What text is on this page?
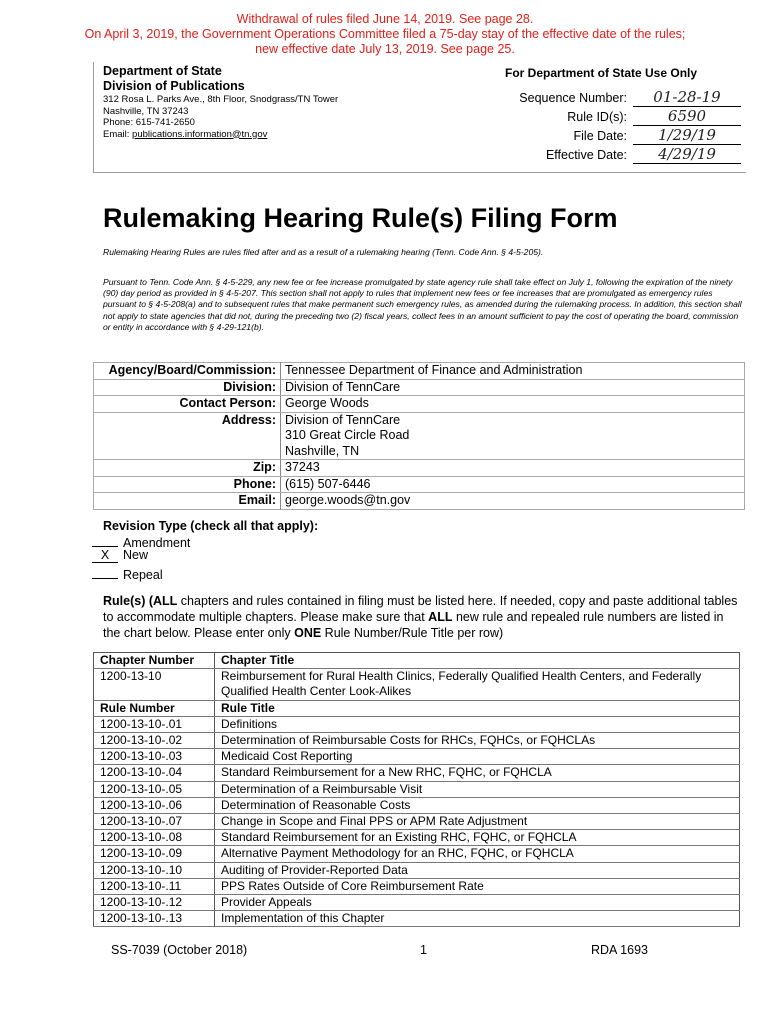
Withdrawal of rules filed June 14, 2019. See page 28.
On April 3, 2019, the Government Operations Committee filed a 75-day stay of the effective date of the rules;
new effective date July 13, 2019. See page 25.
Department of State
Division of Publications
312 Rosa L. Parks Ave., 8th Floor, Snodgrass/TN Tower
Nashville, TN 37243
Phone: 615-741-2650
Email: publications.information@tn.gov
For Department of State Use Only
Sequence Number:	01-28-19
Rule ID(s):	6590
File Date:	1/29/19
Effective Date:	4/29/19
Rulemaking Hearing Rule(s) Filing Form
Rulemaking Hearing Rules are rules filed after and as a result of a rulemaking hearing (Tenn. Code Ann. § 4-5-205).
Pursuant to Tenn. Code Ann. § 4-5-229, any new fee or fee increase promulgated by state agency rule shall take effect on July 1, following the expiration of the ninety (90) day period as provided in § 4-5-207. This section shall not apply to rules that implement new fees or fee increases that are promulgated as emergency rules pursuant to § 4-5-208(a) and to subsequent rules that make permanent such emergency rules, as amended during the rulemaking process. In addition, this section shall not apply to state agencies that did not, during the preceding two (2) fiscal years, collect fees in an amount sufficient to pay the cost of operating the board, commission or entity in accordance with § 4-29-121(b).
Agency/Board/Commission:	Tennessee Department of Finance and Administration
Division:	Division of TennCare
Contact Person:	George Woods
Address:	Division of TennCare
	310 Great Circle Road
	Nashville, TN
Zip:	37243
Phone:	(615) 507-6446
Email:	george.woods@tn.gov
Revision Type (check all that apply):
Amendment
X New
Repeal
Rule(s) (ALL chapters and rules contained in filing must be listed here. If needed, copy and paste additional tables to accommodate multiple chapters. Please make sure that ALL new rule and repealed rule numbers are listed in the chart below. Please enter only ONE Rule Number/Rule Title per row)
Chapter Number	Chapter Title
1200-13-10	Reimbursement for Rural Health Clinics, Federally Qualified Health Centers, and Federally
	Qualified Health Center Look-Alikes
Rule Number	Rule Title
1200-13-10-.01	Definitions
1200-13-10-.02	Determination of Reimbursable Costs for RHCs, FQHCs, or FQHCLAs
1200-13-10-.03	Medicaid Cost Reporting
1200-13-10-.04	Standard Reimbursement for a New RHC, FQHC, or FQHCLA
1200-13-10-.05	Determination of a Reimbursable Visit
1200-13-10-.06	Determination of Reasonable Costs
1200-13-10-.07	Change in Scope and Final PPS or APM Rate Adjustment
1200-13-10-.08	Standard Reimbursement for an Existing RHC, FQHC, or FQHCLA
1200-13-10-.09	Alternative Payment Methodology for an RHC, FQHC, or FQHCLA
1200-13-10-.10	Auditing of Provider-Reported Data
1200-13-10-.11	PPS Rates Outside of Core Reimbursement Rate
1200-13-10-.12	Provider Appeals
1200-13-10-.13	Implementation of this Chapter
SS-7039 (October 2018)	1	RDA 1693
